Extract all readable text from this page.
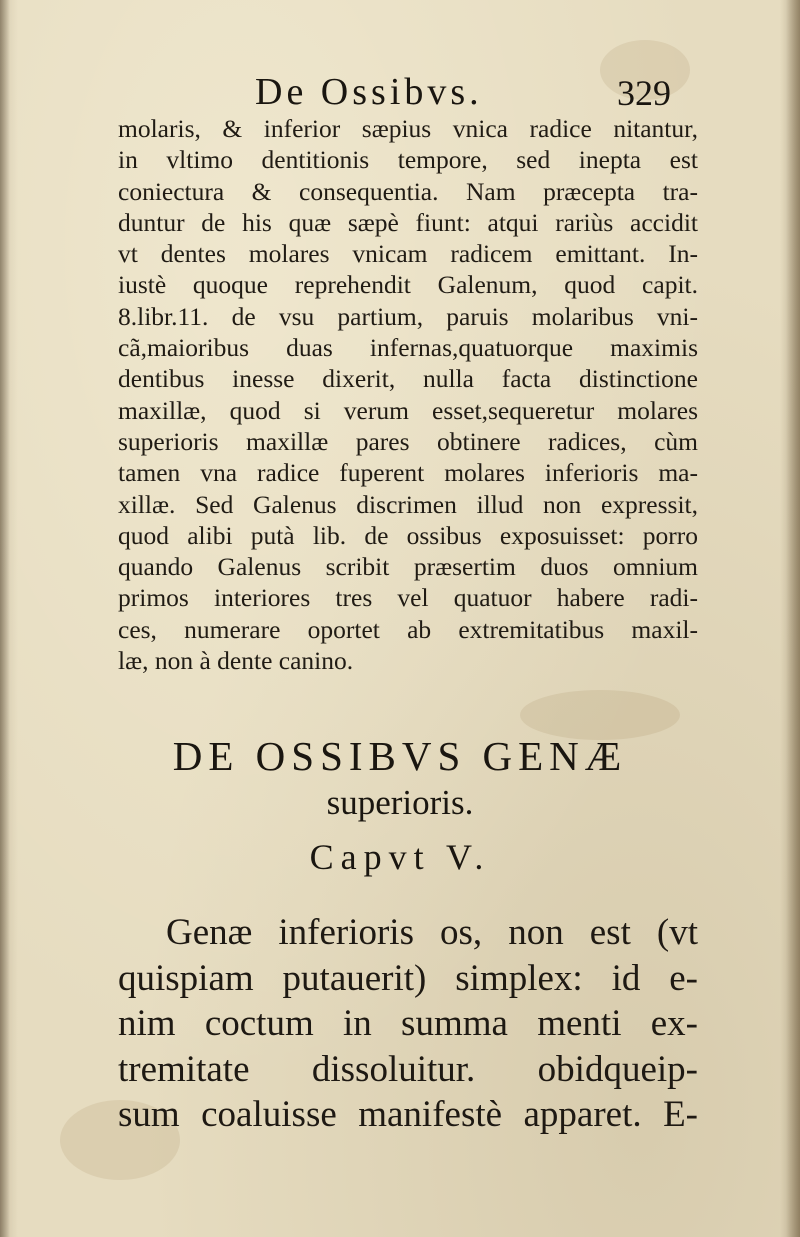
De Ossibvs.	329
molaris, & inferior sæpius vnica radice nitantur,
in vltimo dentitionis tempore, sed inepta est
coniectura & consequentia. Nam præcepta tra-
duntur de his quæ sæpè fiunt: atqui rariùs accidit
vt dentes molares vnicam radicem emittant. In-
iustè quoque reprehendit Galenum, quod capit.
8.libr.11. de vsu partium, paruis molaribus vni-
cã,maioribus duas infernas,quatuorque maximis
dentibus inesse dixerit, nulla facta distinctione
maxillæ, quod si verum esset,sequeretur molares
superioris maxillæ pares obtinere radices, cùm
tamen vna radice fuperent molares inferioris ma-
xillæ. Sed Galenus discrimen illud non expressit,
quod alibi putà lib. de ossibus exposuisset: porro
quando Galenus scribit præsertim duos omnium
primos interiores tres vel quatuor habere radi-
ces, numerare oportet ab extremitatibus maxil-
læ, non à dente canino.
DE OSSIBVS GENÆ
superioris.
Capvt V.
Genæ inferioris os, non est (vt
quispiam putauerit) simplex: id e-
nim coctum in summa menti ex-
tremitate dissoluitur. obidqueip-
sum coaluisse manifestè apparet. E-
